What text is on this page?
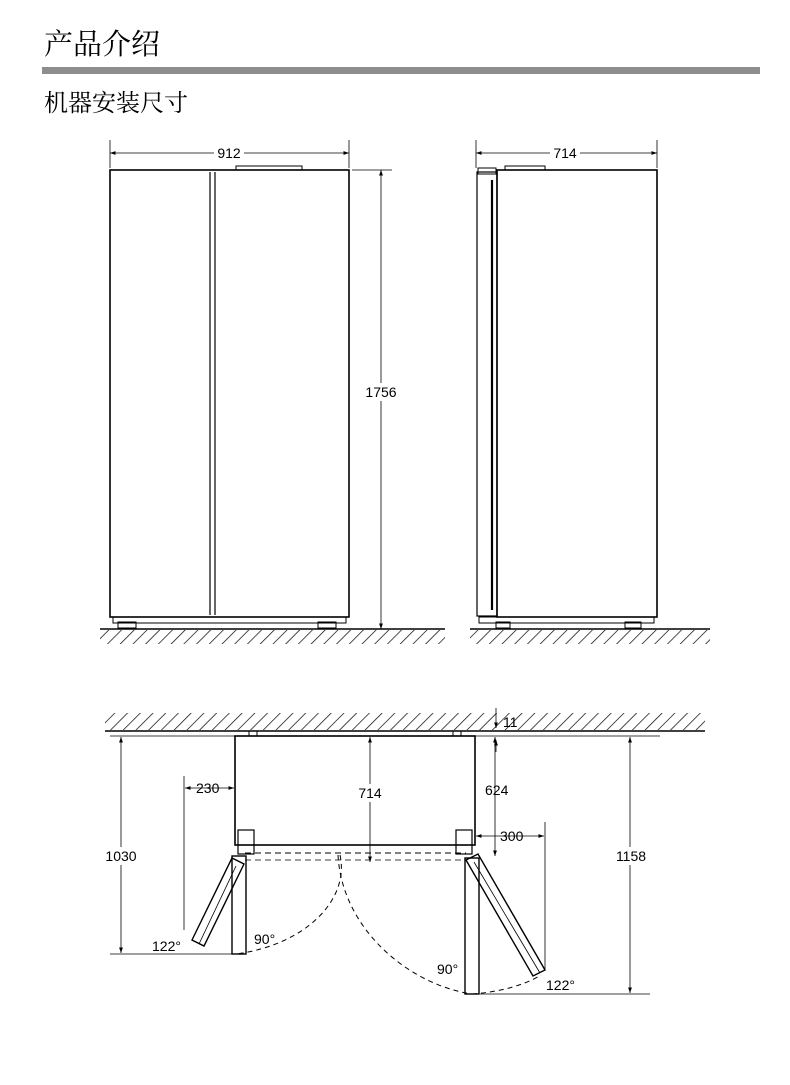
产品介绍
机器安装尺寸
912
1756
714
11
714
230	624
300
1030	1158
122°	90°
90°
122°
